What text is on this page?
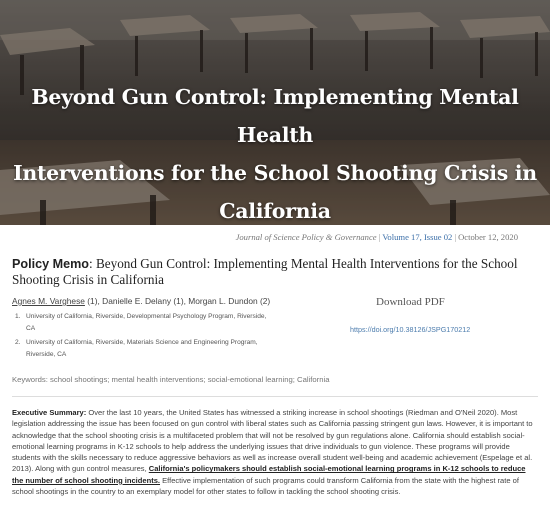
Beyond Gun Control: Implementing Mental Health
Interventions for the School Shooting Crisis in California
Journal of Science Policy & Governance | Volume 17, Issue 02 | October 12, 2020
Policy Memo: Beyond Gun Control: Implementing Mental Health Interventions for the School Shooting Crisis in California
Agnes M. Varghese (1), Danielle E. Delany (1), Morgan L. Dundon (2)
1. University of California, Riverside, Developmental Psychology Program, Riverside, CA
2. University of California, Riverside, Materials Science and Engineering Program, Riverside, CA
Download PDF
https://doi.org/10.38126/JSPG170212
Keywords: school shootings; mental health interventions; social-emotional learning; California
Executive Summary: Over the last 10 years, the United States has witnessed a striking increase in school shootings (Riedman and O'Neil 2020). Most legislation addressing the issue has been focused on gun control with liberal states such as California passing stringent gun laws. However, it is important to acknowledge that the school shooting crisis is a multifaceted problem that will not be resolved by gun regulations alone. California should establish social-emotional learning programs in K-12 schools to help address the underlying issues that drive individuals to gun violence. These programs will provide students with the skills necessary to reduce aggressive behaviors as well as increase overall student well-being and academic achievement (Espelage et al. 2013). Along with gun control measures, California's policymakers should establish social-emotional learning programs in K-12 schools to reduce the number of school shooting incidents. Effective implementation of such programs could transform California from the state with the highest rate of school shootings in the country to an exemplary model for other states to follow in tackling the school shooting crisis.
